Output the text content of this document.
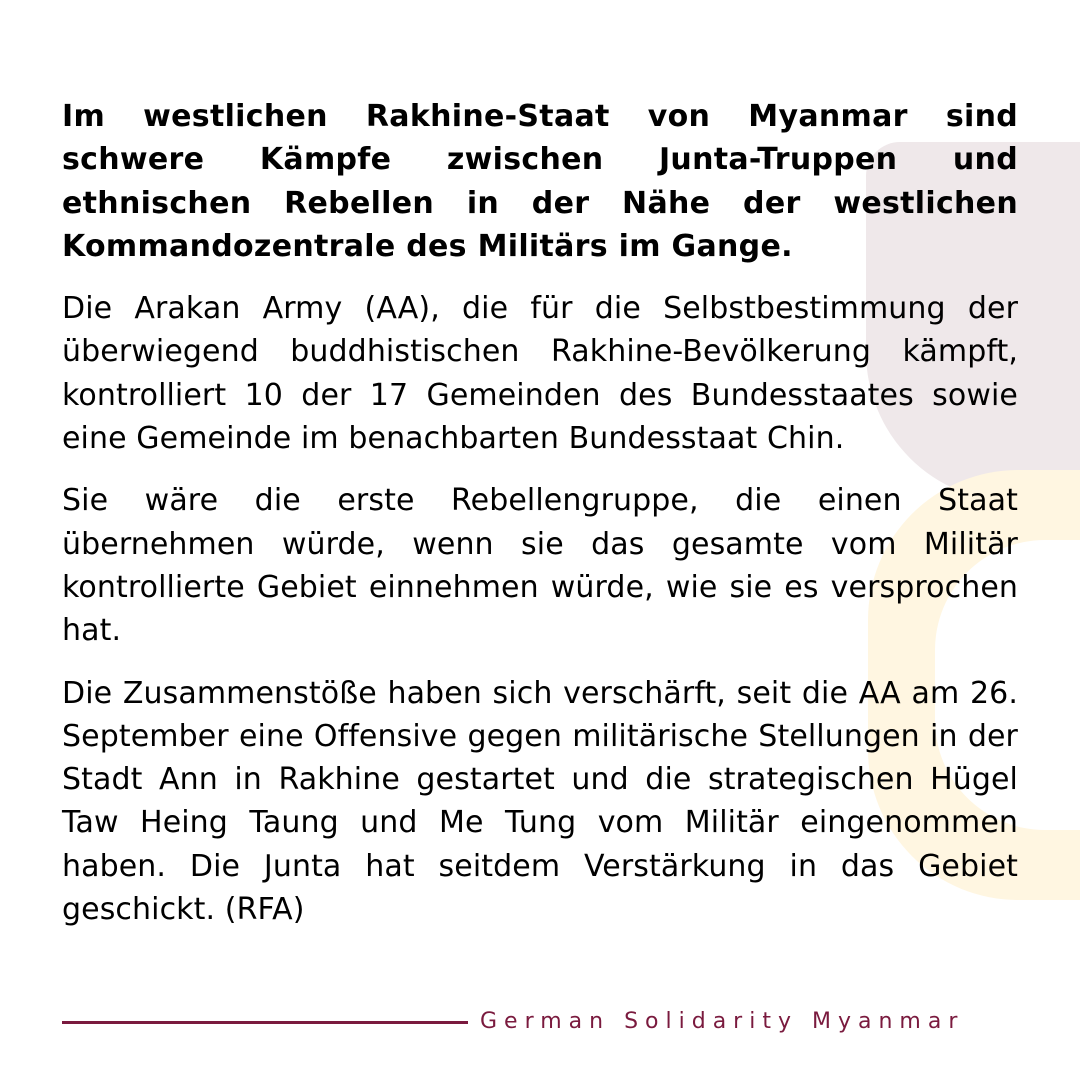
Im westlichen Rakhine-Staat von Myanmar sind schwere Kämpfe zwischen Junta-Truppen und ethnischen Rebellen in der Nähe der westlichen Kommandozentrale des Militärs im Gange.

Die Arakan Army (AA), die für die Selbstbestimmung der überwiegend buddhistischen Rakhine-Bevölkerung kämpft, kontrolliert 10 der 17 Gemeinden des Bundesstaates sowie eine Gemeinde im benachbarten Bundesstaat Chin.

Sie wäre die erste Rebellengruppe, die einen Staat übernehmen würde, wenn sie das gesamte vom Militär kontrollierte Gebiet einnehmen würde, wie sie es versprochen hat.

Die Zusammenstöße haben sich verschärft, seit die AA am 26. September eine Offensive gegen militärische Stellungen in der Stadt Ann in Rakhine gestartet und die strategischen Hügel Taw Heing Taung und Me Tung vom Militär eingenommen haben. Die Junta hat seitdem Verstärkung in das Gebiet geschickt. (RFA)

German Solidarity Myanmar
